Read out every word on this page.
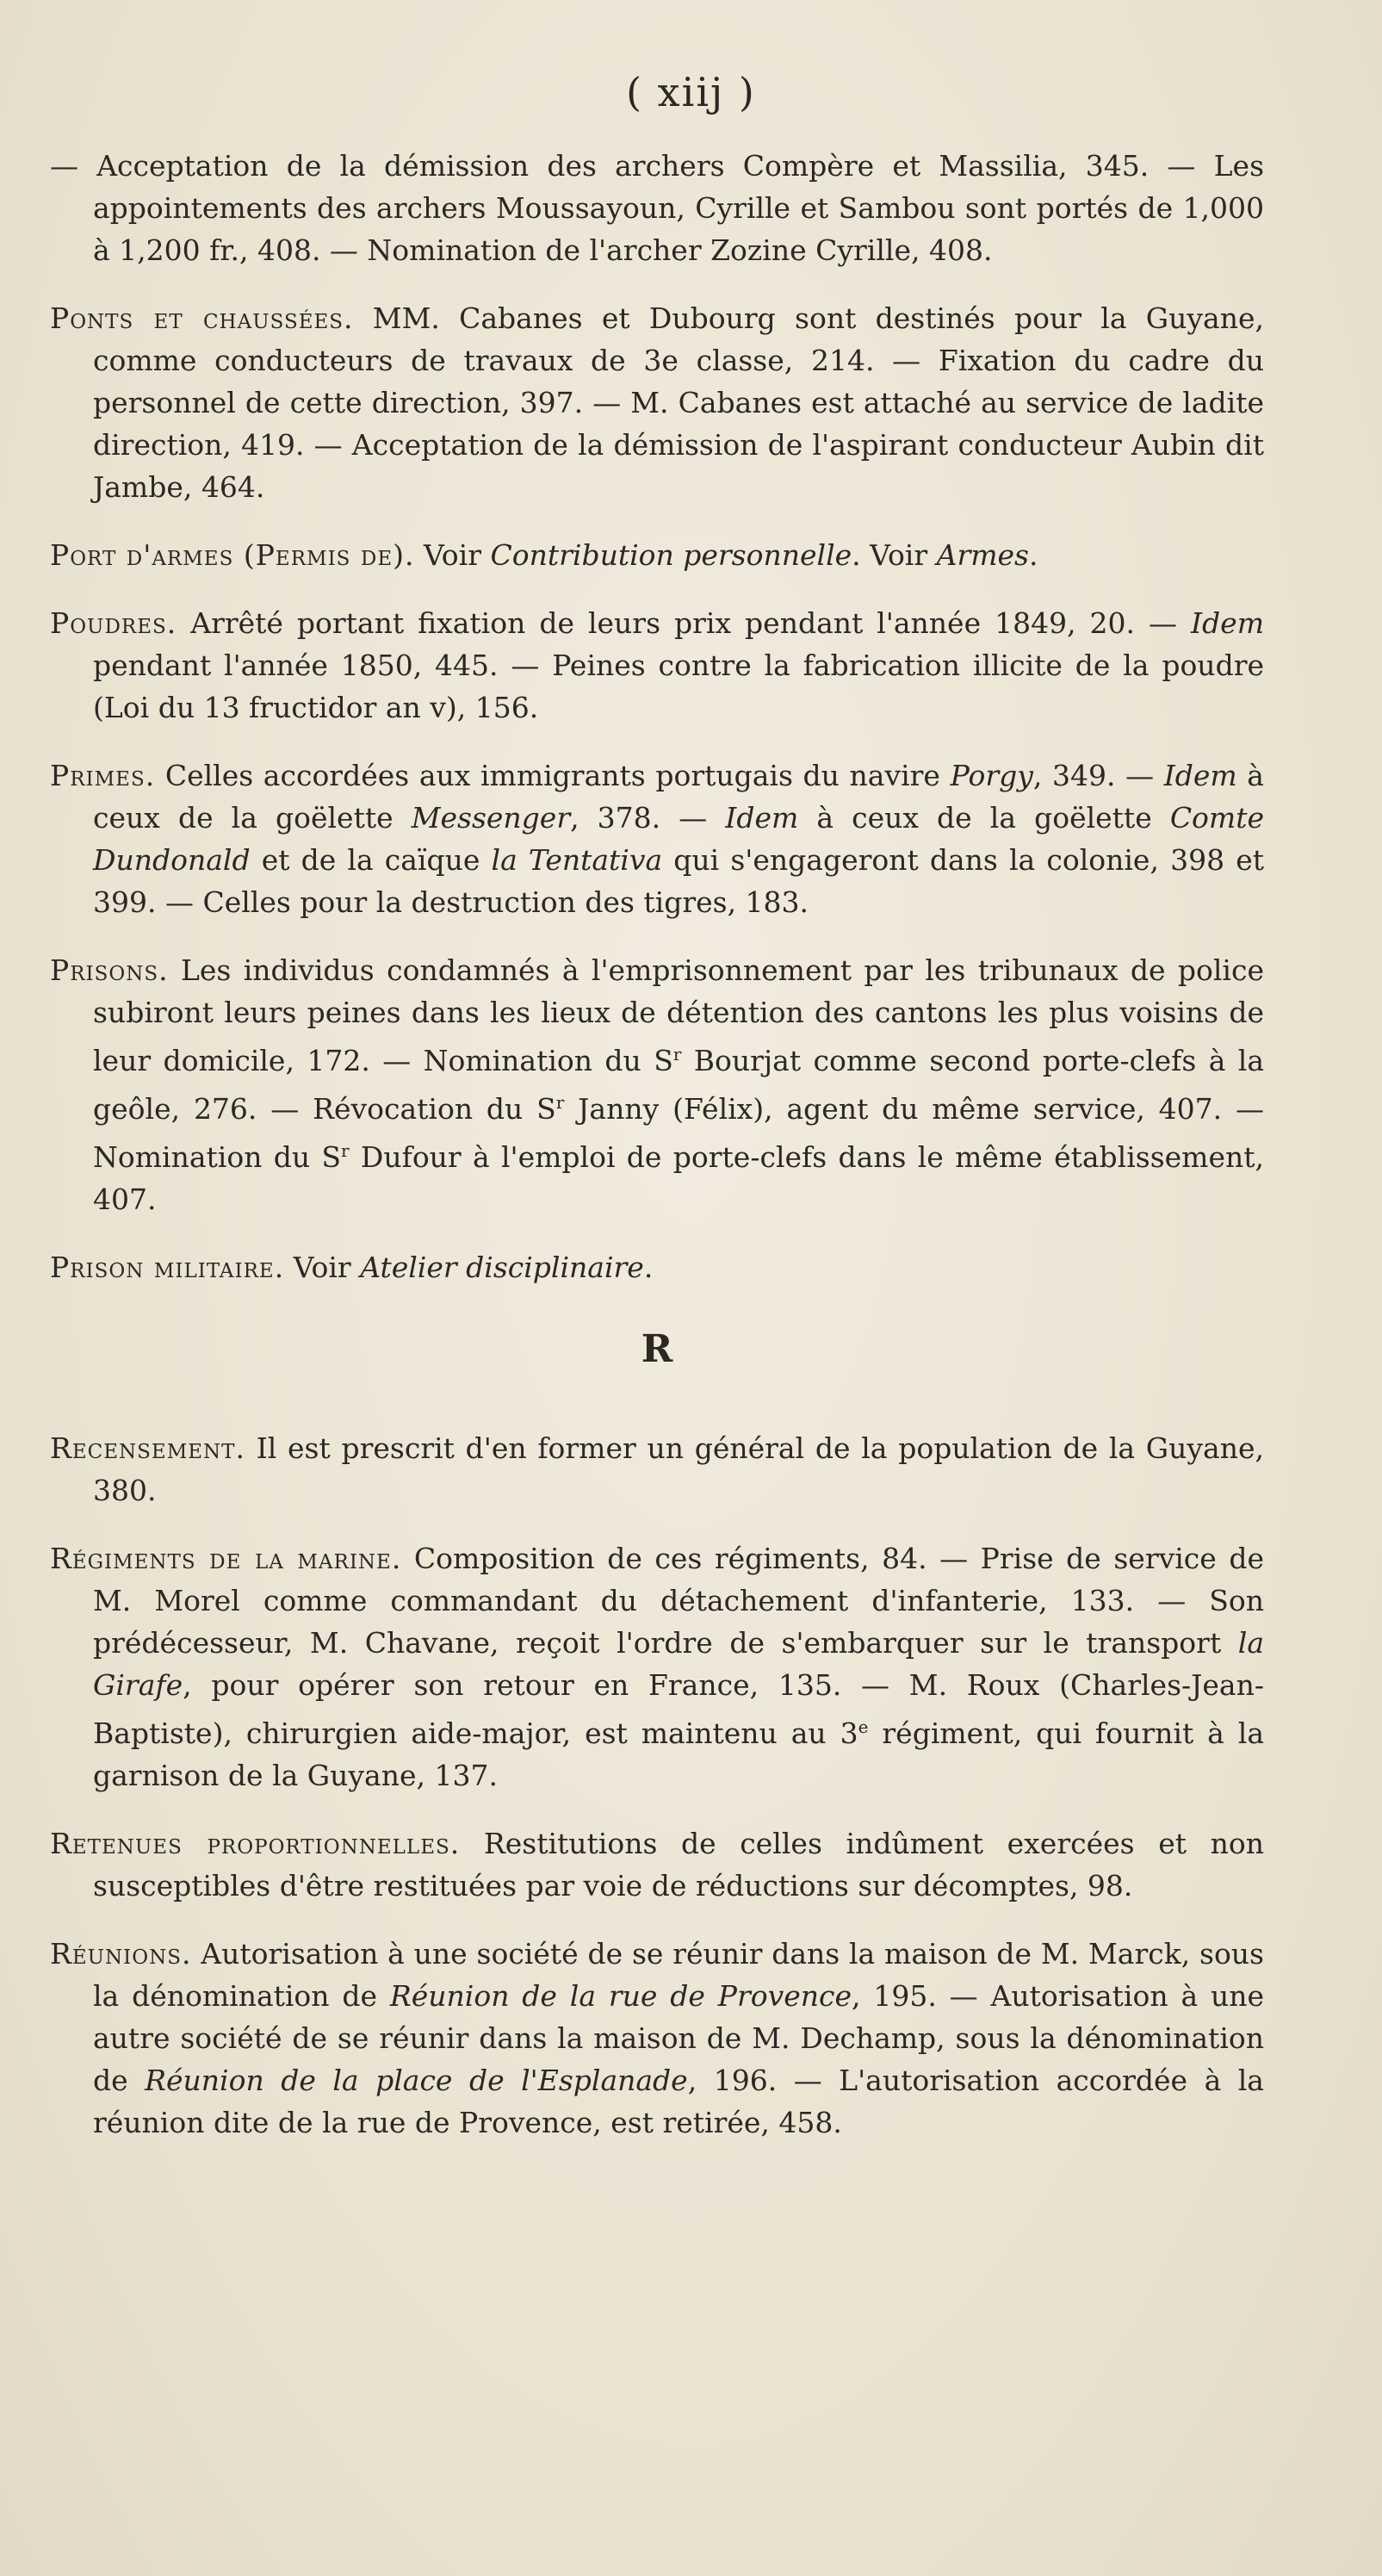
( xiij )

— Acceptation de la démission des archers Compère et Massilia, 345. — Les appointements des archers Moussayoun, Cyrille et Sambou sont portés de 1,000 à 1,200 fr., 408. — Nomination de l'archer Zozine Cyrille, 408.

Ponts et chaussées. MM. Cabanes et Dubourg sont destinés pour la Guyane, comme conducteurs de travaux de 3e classe, 214. — Fixation du cadre du personnel de cette direction, 397. — M. Cabanes est attaché au service de ladite direction, 419. — Acceptation de la démission de l'aspirant conducteur Aubin dit Jambe, 464.

Port d'armes (Permis de). Voir Contribution personnelle. Voir Armes.

Poudres. Arrêté portant fixation de leurs prix pendant l'année 1849, 20. — Idem pendant l'année 1850, 445. — Peines contre la fabrication illicite de la poudre (Loi du 13 fructidor an v), 156.

Primes. Celles accordées aux immigrants portugais du navire Porgy, 349. — Idem à ceux de la goëlette Messenger, 378. — Idem à ceux de la goëlette Comte Dundonald et de la caïque la Tentativa qui s'engageront dans la colonie, 398 et 399. — Celles pour la destruction des tigres, 183.

Prisons. Les individus condamnés à l'emprisonnement par les tribunaux de police subiront leurs peines dans les lieux de détention des cantons les plus voisins de leur domicile, 172. — Nomination du $S^r$ Bourjat comme second porte-clefs à la geôle, 276. — Révocation du $S^r$ Janny (Félix), agent du même service, 407. — Nomination du $S^r$ Dufour à l'emploi de porte-clefs dans le même établissement, 407.

Prison militaire. Voir Atelier disciplinaire.

R

Recensement. Il est prescrit d'en former un général de la population de la Guyane, 380.

Régiments de la marine. Composition de ces régiments, 84. — Prise de service de M. Morel comme commandant du détachement d'infanterie, 133. — Son prédécesseur, M. Chavane, reçoit l'ordre de s'embarquer sur le transport la Girafe, pour opérer son retour en France, 135. — M. Roux (Charles-Jean-Baptiste), chirurgien aide-major, est maintenu au 3e régiment, qui fournit à la garnison de la Guyane, 137.

Retenues proportionnelles. Restitutions de celles indûment exercées et non susceptibles d'être restituées par voie de réductions sur décomptes, 98.

Réunions. Autorisation à une société de se réunir dans la maison de M. Marck, sous la dénomination de Réunion de la rue de Provence, 195. — Autorisation à une autre société de se réunir dans la maison de M. Dechamp, sous la dénomination de Réunion de la place de l'Esplanade, 196. — L'autorisation accordée à la réunion dite de la rue de Provence, est retirée, 458.
